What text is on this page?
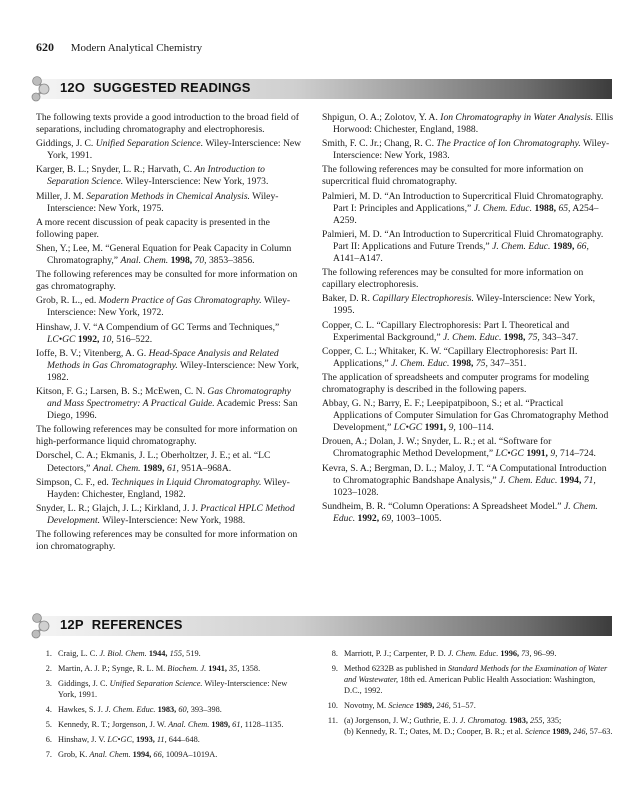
620 Modern Analytical Chemistry
12O SUGGESTED READINGS

The following texts provide a good introduction to the broad field of separations, including chromatography and electrophoresis.

Giddings, J. C. Unified Separation Science. Wiley-Interscience: New York, 1991.

Karger, B. L.; Snyder, L. R.; Harvath, C. An Introduction to Separation Science. Wiley-Interscience: New York, 1973.

Miller, J. M. Separation Methods in Chemical Analysis. Wiley-Interscience: New York, 1975.

A more recent discussion of peak capacity is presented in the following paper.

Shen, Y.; Lee, M. “General Equation for Peak Capacity in Column Chromatography,” Anal. Chem. 1998, 70, 3853–3856.

The following references may be consulted for more information on gas chromatography.

Grob, R. L., ed. Modern Practice of Gas Chromatography. Wiley-Interscience: New York, 1972.

Hinshaw, J. V. “A Compendium of GC Terms and Techniques,” LC•GC 1992, 10, 516–522.

Ioffe, B. V.; Vitenberg, A. G. Head-Space Analysis and Related Methods in Gas Chromatography. Wiley-Interscience: New York, 1982.

Kitson, F. G.; Larsen, B. S.; McEwen, C. N. Gas Chromatography and Mass Spectrometry: A Practical Guide. Academic Press: San Diego, 1996.

The following references may be consulted for more information on high-performance liquid chromatography.

Dorschel, C. A.; Ekmanis, J. L.; Oberholtzer, J. E.; et al. “LC Detectors,” Anal. Chem. 1989, 61, 951A–968A.

Simpson, C. F., ed. Techniques in Liquid Chromatography. Wiley-Hayden: Chichester, England, 1982.

Snyder, L. R.; Glajch, J. L.; Kirkland, J. J. Practical HPLC Method Development. Wiley-Interscience: New York, 1988.

The following references may be consulted for more information on ion chromatography.

Shpigun, O. A.; Zolotov, Y. A. Ion Chromatography in Water Analysis. Ellis Horwood: Chichester, England, 1988.

Smith, F. C. Jr.; Chang, R. C. The Practice of Ion Chromatography. Wiley-Interscience: New York, 1983.

The following references may be consulted for more information on supercritical fluid chromatography.

Palmieri, M. D. “An Introduction to Supercritical Fluid Chromatography. Part I: Principles and Applications,” J. Chem. Educ. 1988, 65, A254–A259.

Palmieri, M. D. “An Introduction to Supercritical Fluid Chromatography. Part II: Applications and Future Trends,” J. Chem. Educ. 1989, 66, A141–A147.

The following references may be consulted for more information on capillary electrophoresis.

Baker, D. R. Capillary Electrophoresis. Wiley-Interscience: New York, 1995.

Copper, C. L. “Capillary Electrophoresis: Part I. Theoretical and Experimental Background,” J. Chem. Educ. 1998, 75, 343–347.

Copper, C. L.; Whitaker, K. W. “Capillary Electrophoresis: Part II. Applications,” J. Chem. Educ. 1998, 75, 347–351.

The application of spreadsheets and computer programs for modeling chromatography is described in the following papers.

Abbay, G. N.; Barry, E. F.; Leepipatpiboon, S.; et al. “Practical Applications of Computer Simulation for Gas Chromatography Method Development,” LC•GC 1991, 9, 100–114.

Drouen, A.; Dolan, J. W.; Snyder, L. R.; et al. “Software for Chromatographic Method Development,” LC•GC 1991, 9, 714–724.

Kevra, S. A.; Bergman, D. L.; Maloy, J. T. “A Computational Introduction to Chromatographic Bandshape Analysis,” J. Chem. Educ. 1994, 71, 1023–1028.

Sundheim, B. R. “Column Operations: A Spreadsheet Model.” J. Chem. Educ. 1992, 69, 1003–1005.

12P REFERENCES
1. Craig, L. C. J. Biol. Chem. 1944, 155, 519.
2. Martin, A. J. P.; Synge, R. L. M. Biochem. J. 1941, 35, 1358.
3. Giddings, J. C. Unified Separation Science. Wiley-Interscience: New York, 1991.
4. Hawkes, S. J. J. Chem. Educ. 1983, 60, 393–398.
5. Kennedy, R. T.; Jorgenson, J. W. Anal. Chem. 1989, 61, 1128–1135.
6. Hinshaw, J. V. LC•GC, 1993, 11, 644–648.
7. Grob, K. Anal. Chem. 1994, 66, 1009A–1019A.
8. Marriott, P. J.; Carpenter, P. D. J. Chem. Educ. 1996, 73, 96–99.
9. Method 6232B as published in Standard Methods for the Examination of Water and Wastewater, 18th ed. American Public Health Association: Washington, D.C., 1992.
10. Novotny, M. Science 1989, 246, 51–57.
11. (a) Jorgenson, J. W.; Guthrie, E. J. J. Chromatog. 1983, 255, 335;
(b) Kennedy, R. T.; Oates, M. D.; Cooper, B. R.; et al. Science 1989, 246, 57–63.
